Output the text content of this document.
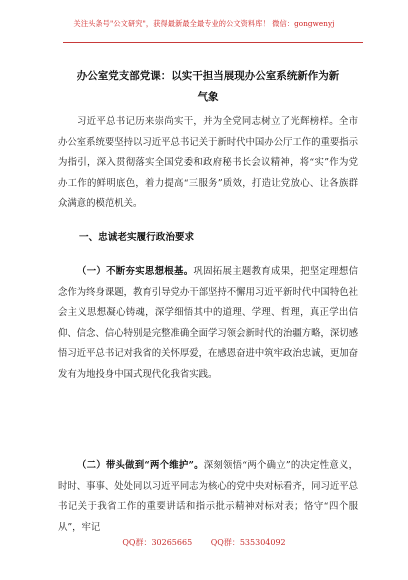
关注头条号"公文研究"，获得最新最全最专业的公文资料库！ 微信：gongwenyj
办公室党支部党课：以实干担当展现办公室系统新作为新
气象

习近平总书记历来崇尚实干，并为全党同志树立了光辉榜样。全市办公室系统要坚持以习近平总书记关于新时代中国办公厅工作的重要指示为指引，深入贯彻落实全国党委和政府秘书长会议精神，将“实”作为党办工作的鲜明底色，着力提高“三服务”质效，打造让党放心、让各族群众满意的模范机关。

一、忠诚老实履行政治要求

（一）不断夯实思想根基。巩固拓展主题教育成果，把坚定理想信念作为终身课题，教育引导党办干部坚持不懈用习近平新时代中国特色社会主义思想凝心铸魂，深学细悟其中的道理、学理、哲理，真正学出信仰、信念、信心特别是完整准确全面学习领会新时代的治疆方略，深切感悟习近平总书记对我省的关怀厚爱，在感恩奋进中筑牢政治忠诚，更加奋发有为地投身中国式现代化我省实践。

（二）带头做到“两个维护”。深刻领悟“两个确立”的决定性意义，时时、事事、处处同以习近平同志为核心的党中央对标看齐，同习近平总书记关于我省工作的重要讲话和指示批示精神对标对表；恪守“四个服从”，牢记

QQ群：30265665 QQ群：535304092
